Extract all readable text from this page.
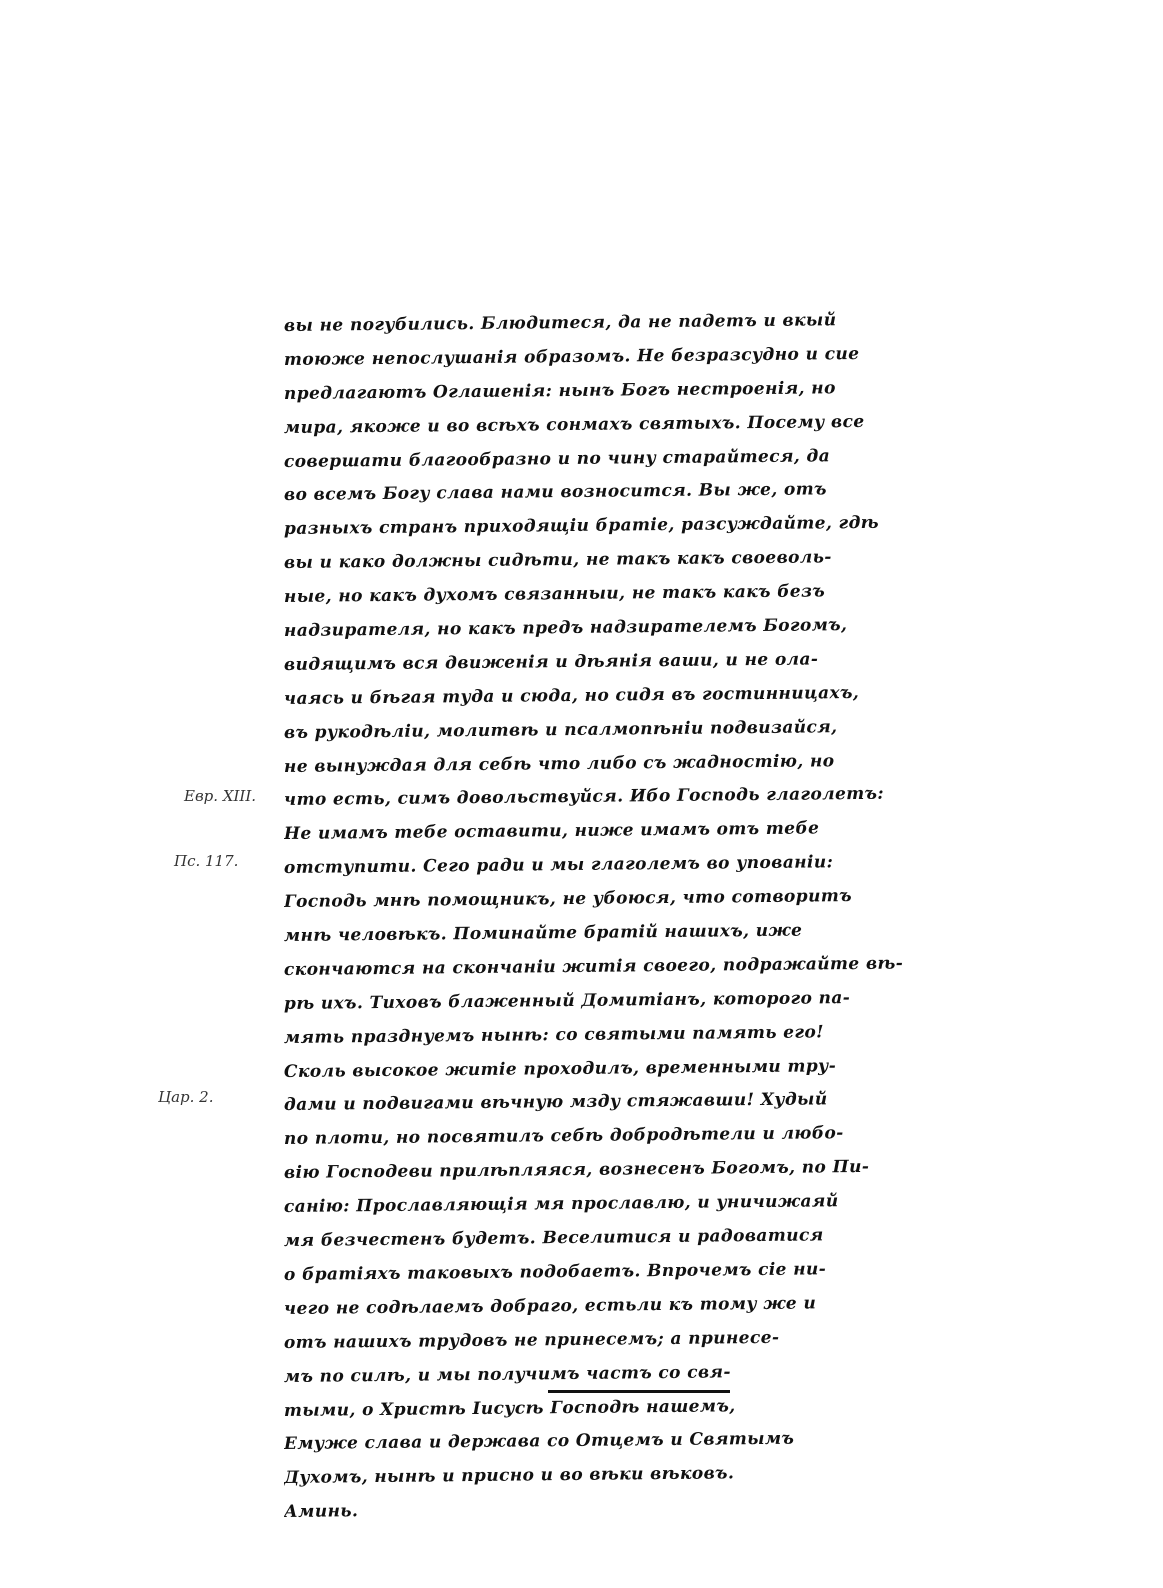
вы не погубились. Блюдитеся, да не падетъ и вкый
тоюже непослушанія образомъ. Не безразсудно и сие
предлагаютъ Оглашенія: нынъ Богъ нестроенія, но
мира, якоже и во всѣхъ сонмахъ святыхъ. Посему все
совершати благообразно и по чину старайтеся, да
во всемъ Богу слава нами возносится. Вы же, отъ
разныхъ странъ приходящіи братіе, разсуждайте, гдѣ
вы и како должны сидѣти, не такъ какъ своеволь-
ные, но какъ духомъ связанныи, не такъ какъ безъ
надзирателя, но какъ предъ надзирателемъ Богомъ,
видящимъ вся движенія и дѣянія ваши, и не ола-
чаясь и бѣгая туда и сюда, но сидя въ гостинницахъ,
въ рукодѣліи, молитвѣ и псалмопѣніи подвизайся,
не вынуждая для себѣ что либо съ жадностію, но
что есть, симъ довольствуйся. Ибо Господь глаголетъ:
Не имамъ тебе оставити, ниже имамъ отъ тебе
отступити. Сего ради и мы глаголемъ во упованіи:
Господь мнѣ помощникъ, не убоюся, что сотворитъ
мнѣ человѣкъ. Поминайте братій нашихъ, иже
скончаются на скончаніи житія своего, подражайте вѣ-
рѣ ихъ. Тиховъ блаженный Домитіанъ, которого па-
мять празднуемъ нынѣ: со святыми память его!
Сколь высокое житіе проходилъ, временными тру-
дами и подвигами вѣчную мзду стяжавши! Худый
по плоти, но посвятилъ себѣ добродѣтели и любо-
вію Господеви прилѣпляяся, вознесенъ Богомъ, по Пи-
санію: Прославляющія мя прославлю, и уничижаяй
мя безчестенъ будетъ. Веселитися и радоватися
о братіяхъ таковыхъ подобаетъ. Впрочемъ сіе ни-
чего не содѣлаемъ добраго, естьли къ тому же и
отъ нашихъ трудовъ не принесемъ; а принесе-
мъ по силѣ, и мы получимъ частъ со свя-
тыми, о Христѣ Іисусѣ Господѣ нашемъ,
Емуже слава и держава со Отцемъ и Святымъ
Духомъ, нынѣ и присно и во вѣки вѣковъ.
Аминь.
Евр. XIII.
Пс. 117.
Цар. 2.
